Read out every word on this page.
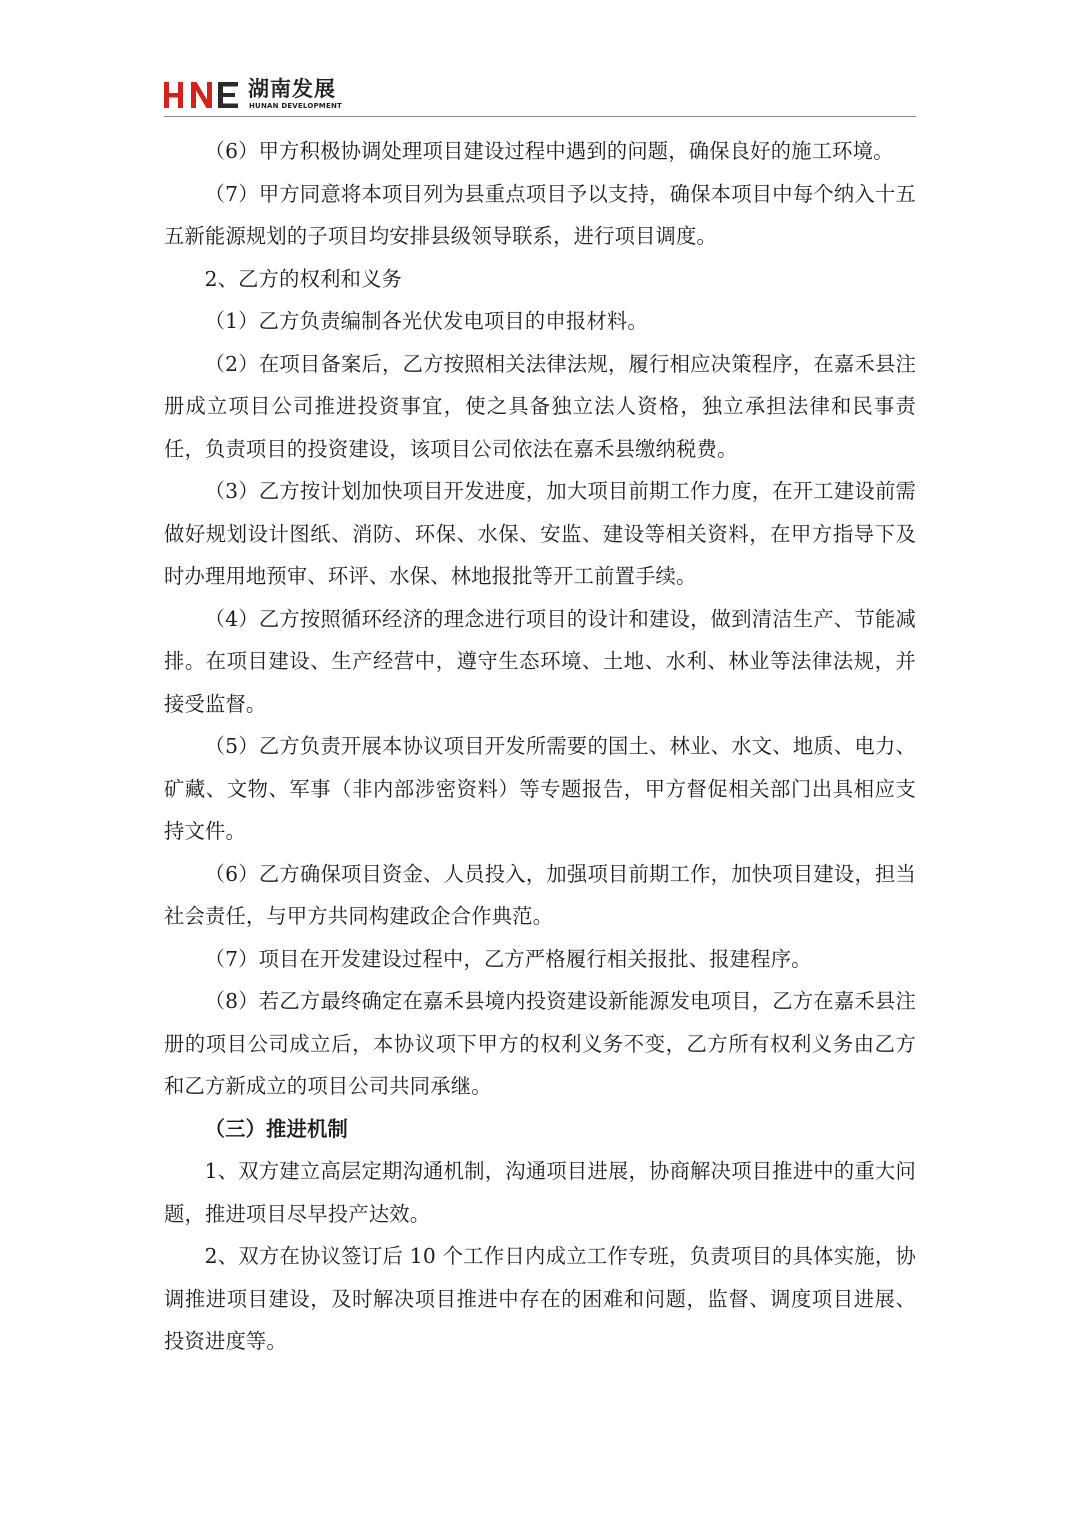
湖南发展
HUNAN DEVELOPMENT

（6）甲方积极协调处理项目建设过程中遇到的问题，确保良好的施工环境。

（7）甲方同意将本项目列为县重点项目予以支持，确保本项目中每个纳入十五五新能源规划的子项目均安排县级领导联系，进行项目调度。

2、乙方的权利和义务

（1）乙方负责编制各光伏发电项目的申报材料。

（2）在项目备案后，乙方按照相关法律法规，履行相应决策程序，在嘉禾县注册成立项目公司推进投资事宜，使之具备独立法人资格，独立承担法律和民事责任，负责项目的投资建设，该项目公司依法在嘉禾县缴纳税费。

（3）乙方按计划加快项目开发进度，加大项目前期工作力度，在开工建设前需做好规划设计图纸、消防、环保、水保、安监、建设等相关资料，在甲方指导下及时办理用地预审、环评、水保、林地报批等开工前置手续。

（4）乙方按照循环经济的理念进行项目的设计和建设，做到清洁生产、节能减排。在项目建设、生产经营中，遵守生态环境、土地、水利、林业等法律法规，并接受监督。

（5）乙方负责开展本协议项目开发所需要的国土、林业、水文、地质、电力、矿藏、文物、军事（非内部涉密资料）等专题报告，甲方督促相关部门出具相应支持文件。

（6）乙方确保项目资金、人员投入，加强项目前期工作，加快项目建设，担当社会责任，与甲方共同构建政企合作典范。

（7）项目在开发建设过程中，乙方严格履行相关报批、报建程序。

（8）若乙方最终确定在嘉禾县境内投资建设新能源发电项目，乙方在嘉禾县注册的项目公司成立后，本协议项下甲方的权利义务不变，乙方所有权利义务由乙方和乙方新成立的项目公司共同承继。

（三）推进机制

1、双方建立高层定期沟通机制，沟通项目进展，协商解决项目推进中的重大问题，推进项目尽早投产达效。

2、双方在协议签订后 10 个工作日内成立工作专班，负责项目的具体实施，协调推进项目建设，及时解决项目推进中存在的困难和问题，监督、调度项目进展、投资进度等。
